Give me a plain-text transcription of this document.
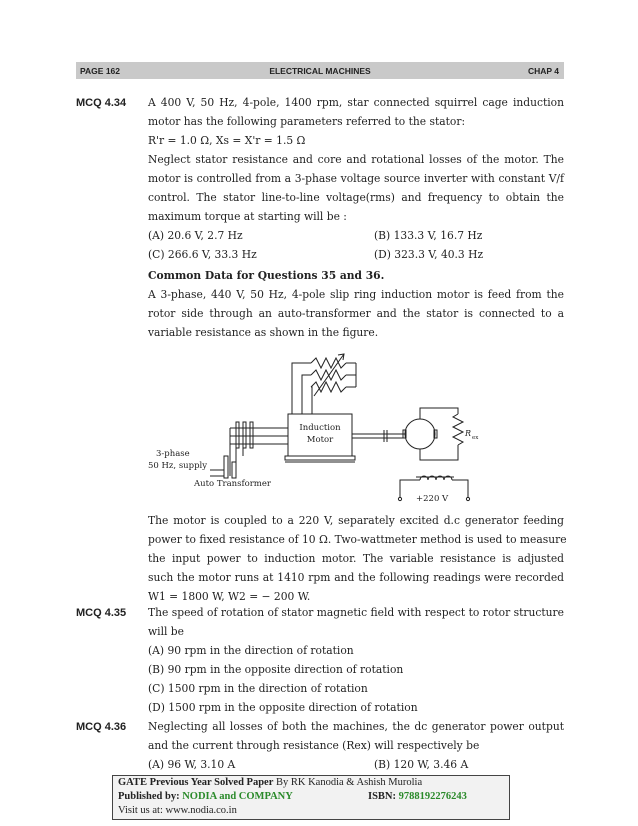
PAGE 162	ELECTRICAL MACHINES	CHAP 4
MCQ 4.34 A 400 V, 50 Hz, 4-pole, 1400 rpm, star connected squirrel cage induction
motor has the following parameters referred to the stator:
R'r = 1.0 Ω, Xs = X'r = 1.5 Ω
Neglect stator resistance and core and rotational losses of the motor. The
motor is controlled from a 3-phase voltage source inverter with constant V/f
control. The stator line-to-line voltage(rms) and frequency to obtain the
maximum torque at starting will be :
(A) 20.6 V, 2.7 Hz	(B) 133.3 V, 16.7 Hz
(C) 266.6 V, 33.3 Hz	(D) 323.3 V, 40.3 Hz
Common Data for Questions 35 and 36.
A 3-phase, 440 V, 50 Hz, 4-pole slip ring induction motor is feed from the
rotor side through an auto-transformer and the stator is connected to a
variable resistance as shown in the figure.
Induction
Motor
3-phase
50 Hz, supply
Auto Transformer
R ex
+220 V
The motor is coupled to a 220 V, separately excited d.c generator feeding
power to fixed resistance of 10 Ω. Two-wattmeter method is used to measure
the input power to induction motor. The variable resistance is adjusted
such the motor runs at 1410 rpm and the following readings were recorded
W1 = 1800 W, W2 = − 200 W.
MCQ 4.35 The speed of rotation of stator magnetic field with respect to rotor structure
will be
(A) 90 rpm in the direction of rotation
(B) 90 rpm in the opposite direction of rotation
(C) 1500 rpm in the direction of rotation
(D) 1500 rpm in the opposite direction of rotation
MCQ 4.36 Neglecting all losses of both the machines, the dc generator power output
and the current through resistance (Rex) will respectively be
(A) 96 W, 3.10 A	(B) 120 W, 3.46 A
GATE Previous Year Solved Paper By RK Kanodia & Ashish Murolia
Published by: NODIA and COMPANY	ISBN: 9788192276243
Visit us at: www.nodia.co.in
